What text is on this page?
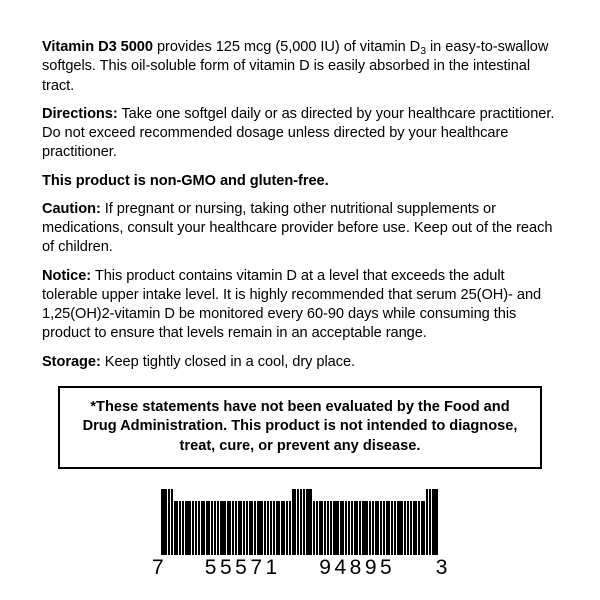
Vitamin D3 5000 provides 125 mcg (5,000 IU) of vitamin $D_3$ in easy-to-swallow softgels. This oil-soluble form of vitamin D is easily absorbed in the intestinal tract.

Directions: Take one softgel daily or as directed by your healthcare practitioner. Do not exceed recommended dosage unless directed by your healthcare practitioner.

This product is non-GMO and gluten-free.

Caution: If pregnant or nursing, taking other nutritional supplements or medications, consult your healthcare provider before use. Keep out of the reach of children.

Notice: This product contains vitamin D at a level that exceeds the adult tolerable upper intake level. It is highly recommended that serum 25(OH)- and 1,25(OH)2-vitamin D be monitored every 60-90 days while consuming this product to ensure that levels remain in an acceptable range.

Storage: Keep tightly closed in a cool, dry place.

*These statements have not been evaluated by the Food and Drug Administration. This product is not intended to diagnose, treat, cure, or prevent any disease.

7 55571 94895 3
